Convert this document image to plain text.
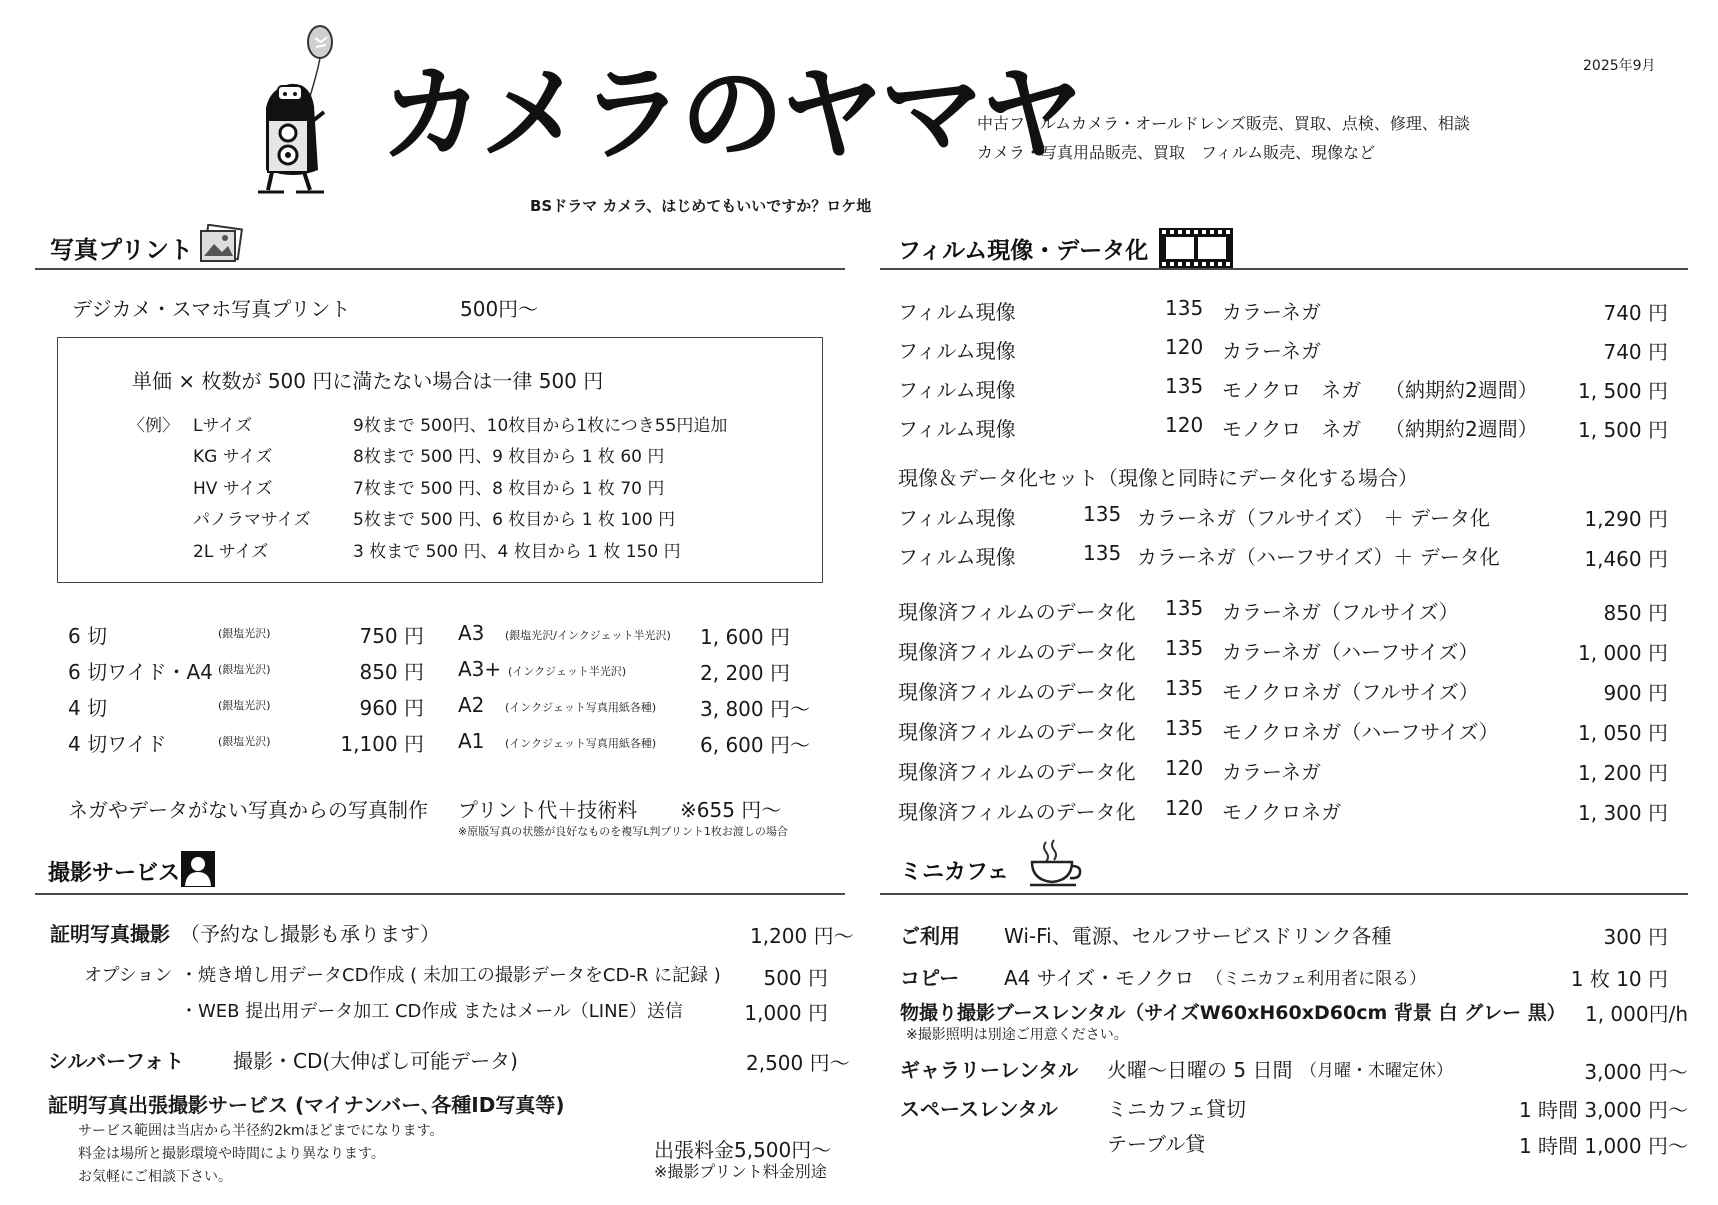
カメラのヤマヤ
BSドラマ カメラ、はじめてもいいですか？ロケ地
2025年9月
中古フィルムカメラ・オールドレンズ販売、買取、点検、修理、相談
カメラ・写真用品販売、買取　フィルム販売、現像など
写真プリント
デジカメ・スマホ写真プリント	500円〜
単価 × 枚数が 500 円に満たない場合は一律 500 円
〈例〉 Lサイズ	9枚まで 500円、10枚目から1枚につき55円追加
KG サイズ	8枚まで 500 円、9 枚目から 1 枚 60 円
HV サイズ	7枚まで 500 円、8 枚目から 1 枚 70 円
パノラマサイズ 5枚まで 500 円、6 枚目から 1 枚 100 円
2L サイズ	3 枚まで 500 円、4 枚目から 1 枚 150 円
6 切	(銀塩光沢)	750 円 A3 (銀塩光沢/インクジェット半光沢) 1, 600 円
6 切ワイド・A4 (銀塩光沢)	850 円 A3+ (インクジェット半光沢)	2, 200 円
4 切	(銀塩光沢)	960 円 A2 (インクジェット写真用紙各種) 3, 800 円〜
4 切ワイド	(銀塩光沢)	1,100 円 A1 (インクジェット写真用紙各種) 6, 600 円〜
ネガやデータがない写真からの写真制作 プリント代＋技術料 ※655 円〜
※原版写真の状態が良好なものを複写L判プリント1枚お渡しの場合
撮影サービス
証明写真撮影 （予約なし撮影も承ります）	1,200 円〜
オプション ・焼き増し用データCD作成 ( 未加工の撮影データをCD-R に記録 )	500 円
・WEB 提出用データ加工 CD作成 またはメール（LINE）送信	1,000 円
シルバーフォト 撮影・CD(大伸ばし可能データ)	2,500 円〜
証明写真出張撮影サービス (マイナンバー､各種ID写真等)
サービス範囲は当店から半径約2kmほどまでになります。
料金は場所と撮影環境や時間により異なります。
お気軽にご相談下さい。
出張料金5,500円〜
※撮影プリント料金別途
フィルム現像・データ化
フィルム現像	135 カラーネガ	740 円
フィルム現像	120 カラーネガ	740 円
フィルム現像	135 モノクロ　ネガ （納期約2週間）	1, 500 円
フィルム現像	120 モノクロ　ネガ （納期約2週間）	1, 500 円
現像＆データ化セット（現像と同時にデータ化する場合）
フィルム現像	135 カラーネガ（フルサイズ）　＋ データ化	1,290 円
フィルム現像	135 カラーネガ（ハーフサイズ）＋ データ化	1,460 円
現像済フィルムのデータ化 135 カラーネガ（フルサイズ）	850 円
現像済フィルムのデータ化 135 カラーネガ（ハーフサイズ）	1, 000 円
現像済フィルムのデータ化 135 モノクロネガ（フルサイズ）	900 円
現像済フィルムのデータ化 135 モノクロネガ（ハーフサイズ）	1, 050 円
現像済フィルムのデータ化 120 カラーネガ	1, 200 円
現像済フィルムのデータ化 120 モノクロネガ	1, 300 円
ミニカフェ
ご利用 Wi-Fi、電源、セルフサービスドリンク各種	300 円
コピー A4 サイズ・モノクロ （ミニカフェ利用者に限る）	1 枚 10 円
物撮り撮影ブースレンタル（サイズW60xH60xD60cm 背景 白 グレー 黒） 1, 000円/h
※撮影照明は別途ご用意ください。
ギャラリーレンタル 火曜〜日曜の 5 日間 （月曜・木曜定休）	3,000 円〜
スペースレンタル ミニカフェ貸切	1 時間 3,000 円〜
テーブル貸	1 時間 1,000 円〜
